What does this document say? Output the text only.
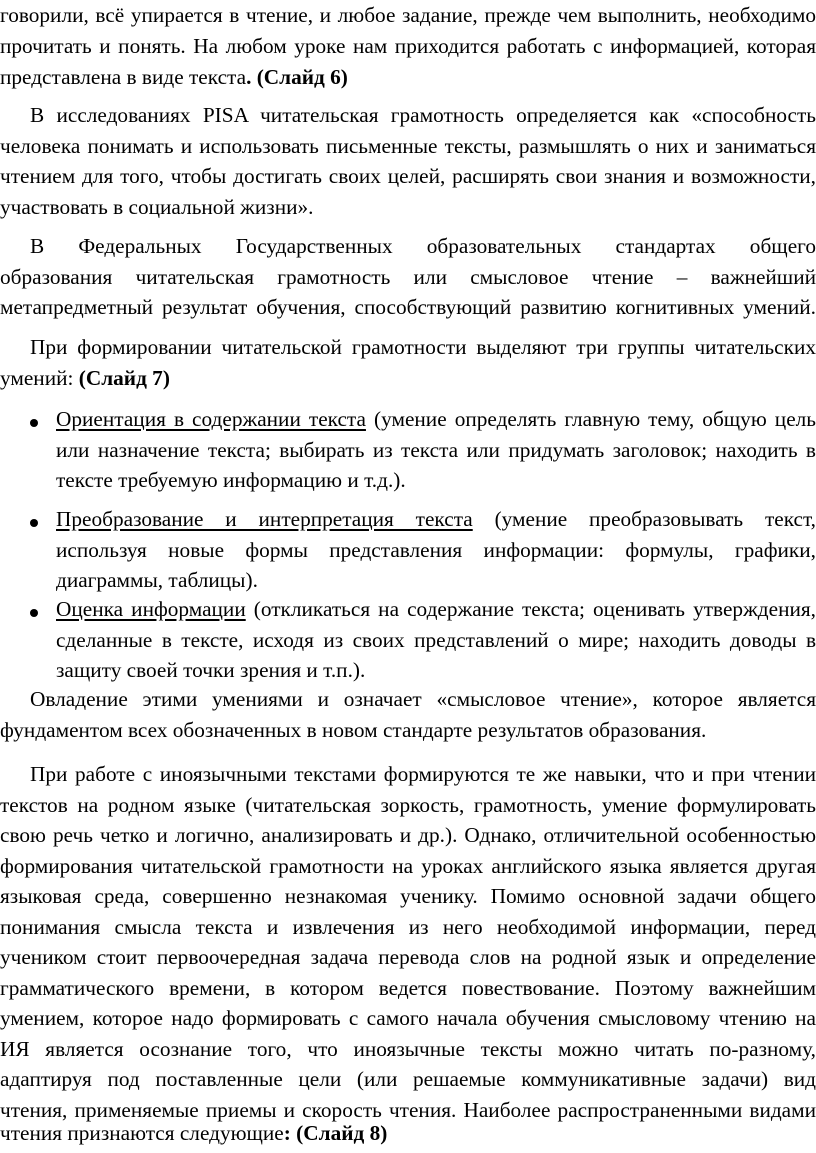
говорили, всё упирается в чтение, и любое задание, прежде чем выполнить, необходимо
прочитать и понять. На любом уроке нам приходится работать с информацией, которая
представлена в виде текста. (Слайд 6)
В исследованиях PISA читательская грамотность определяется как «способность
человека понимать и использовать письменные тексты, размышлять о них и заниматься
чтением для того, чтобы достигать своих целей, расширять свои знания и возможности,
участвовать в социальной жизни».
В Федеральных Государственных образовательных стандартах общего
образования читательская грамотность или смысловое чтение – важнейший
метапредметный результат обучения, способствующий развитию когнитивных умений.
При формировании читательской грамотности выделяют три группы читательских
умений: (Слайд 7)
Ориентация в содержании текста (умение определять главную тему, общую цель
или назначение текста; выбирать из текста или придумать заголовок; находить в
тексте требуемую информацию и т.д.).
Преобразование и интерпретация текста (умение преобразовывать текст,
используя новые формы представления информации: формулы, графики,
диаграммы, таблицы).
Оценка информации (откликаться на содержание текста; оценивать утверждения,
сделанные в тексте, исходя из своих представлений о мире; находить доводы в
защиту своей точки зрения и т.п.).
Овладение этими умениями и означает «смысловое чтение», которое является
фундаментом всех обозначенных в новом стандарте результатов образования.
При работе с иноязычными текстами формируются те же навыки, что и при чтении
текстов на родном языке (читательская зоркость, грамотность, умение формулировать
свою речь четко и логично, анализировать и др.). Однако, отличительной особенностью
формирования читательской грамотности на уроках английского языка является другая
языковая среда, совершенно незнакомая ученику. Помимо основной задачи общего
понимания смысла текста и извлечения из него необходимой информации, перед
учеником стоит первоочередная задача перевода слов на родной язык и определение
грамматического времени, в котором ведется повествование. Поэтому важнейшим
умением, которое надо формировать с самого начала обучения смысловому чтению на
ИЯ является осознание того, что иноязычные тексты можно читать по-разному,
адаптируя под поставленные цели (или решаемые коммуникативные задачи) вид
чтения, применяемые приемы и скорость чтения. Наиболее распространенными видами
чтения признаются следующие: (Слайд 8)
